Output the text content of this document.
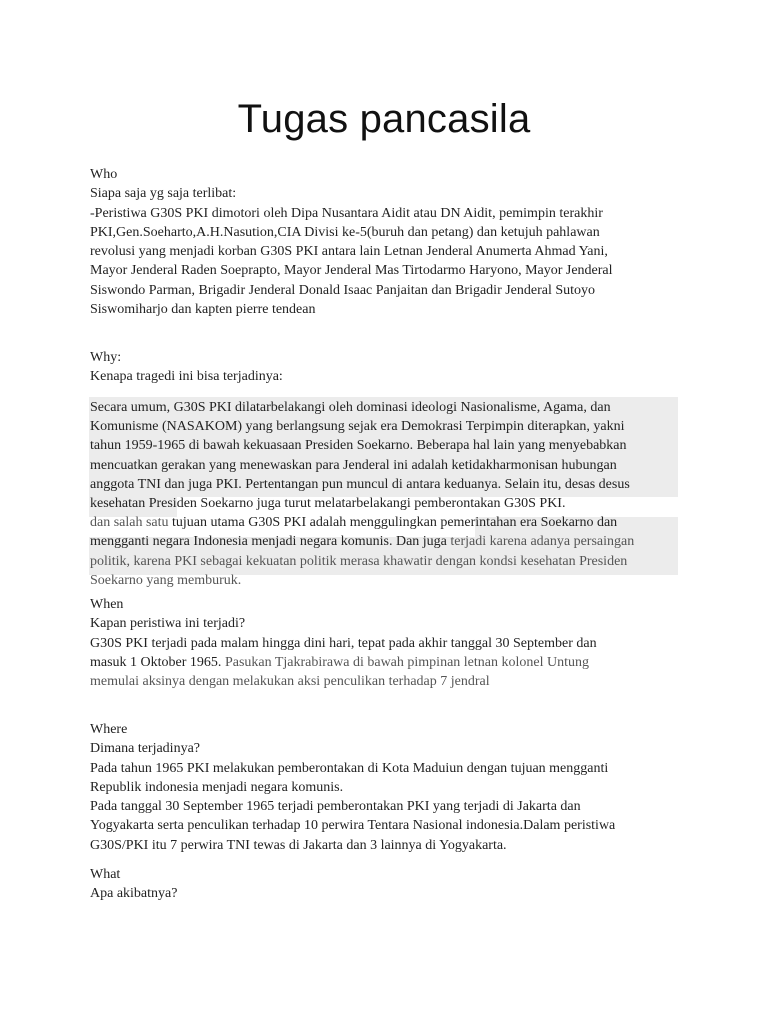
Tugas pancasila
Who
Siapa saja yg saja terlibat:
-Peristiwa G30S PKI dimotori oleh Dipa Nusantara Aidit atau DN Aidit, pemimpin terakhir
PKI,Gen.Soeharto,A.H.Nasution,CIA Divisi ke-5(buruh dan petang) dan ketujuh pahlawan
revolusi yang menjadi korban G30S PKI antara lain Letnan Jenderal Anumerta Ahmad Yani,
Mayor Jenderal Raden Soeprapto, Mayor Jenderal Mas Tirtodarmo Haryono, Mayor Jenderal
Siswondo Parman, Brigadir Jenderal Donald Isaac Panjaitan dan Brigadir Jenderal Sutoyo
Siswomiharjo dan kapten pierre tendean
Why:
Kenapa tragedi ini bisa terjadinya:
Secara umum, G30S PKI dilatarbelakangi oleh dominasi ideologi Nasionalisme, Agama, dan
Komunisme (NASAKOM) yang berlangsung sejak era Demokrasi Terpimpin diterapkan, yakni
tahun 1959-1965 di bawah kekuasaan Presiden Soekarno. Beberapa hal lain yang menyebabkan
mencuatkan gerakan yang menewaskan para Jenderal ini adalah ketidakharmonisan hubungan
anggota TNI dan juga PKI. Pertentangan pun muncul di antara keduanya. Selain itu, desas desus
kesehatan Presiden Soekarno juga turut melatarbelakangi pemberontakan G30S PKI.
dan salah satu tujuan utama G30S PKI adalah menggulingkan pemerintahan era Soekarno dan
mengganti negara Indonesia menjadi negara komunis. Dan juga terjadi karena adanya persaingan
politik, karena PKI sebagai kekuatan politik merasa khawatir dengan kondsi kesehatan Presiden
Soekarno yang memburuk.
When
Kapan peristiwa ini terjadi?
G30S PKI terjadi pada malam hingga dini hari, tepat pada akhir tanggal 30 September dan
masuk 1 Oktober 1965. Pasukan Tjakrabirawa di bawah pimpinan letnan kolonel Untung
memulai aksinya dengan melakukan aksi penculikan terhadap 7 jendral
Where
Dimana terjadinya?
Pada tahun 1965 PKI melakukan pemberontakan di Kota Maduiun dengan tujuan mengganti
Republik indonesia menjadi negara komunis.
Pada tanggal 30 September 1965 terjadi pemberontakan PKI yang terjadi di Jakarta dan
Yogyakarta serta penculikan terhadap 10 perwira Tentara Nasional indonesia.Dalam peristiwa
G30S/PKI itu 7 perwira TNI tewas di Jakarta dan 3 lainnya di Yogyakarta.
What
Apa akibatnya?
